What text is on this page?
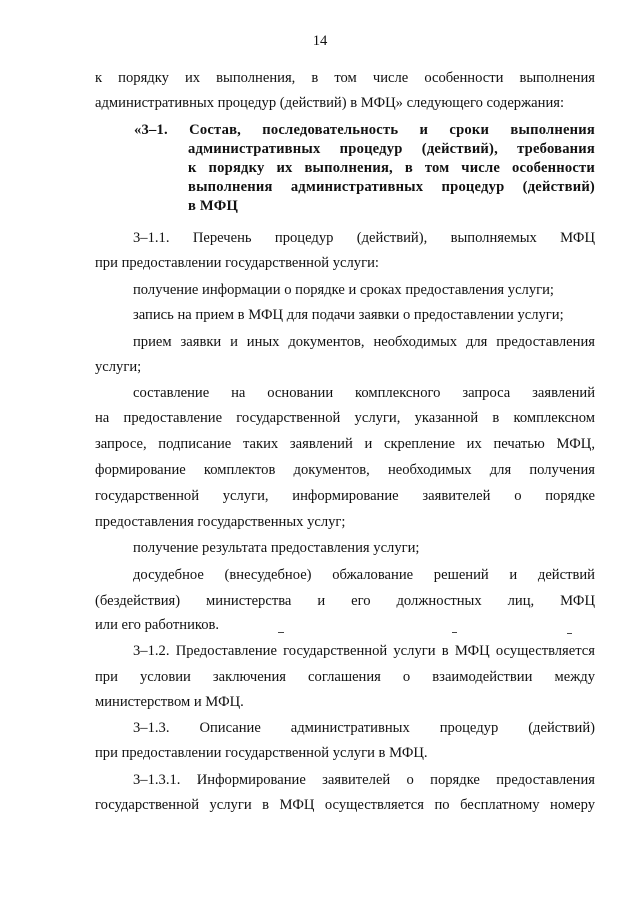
14
к порядку их выполнения, в том числе особенности выполнения
административных процедур (действий) в МФЦ» следующего содержания:
«3–1. Состав, последовательность и сроки выполнения
административных процедур (действий), требования
к порядку их выполнения, в том числе особенности
выполнения административных процедур (действий)
в МФЦ
3–1.1. Перечень процедур (действий), выполняемых МФЦ
при предоставлении государственной услуги:
получение информации о порядке и сроках предоставления услуги;
запись на прием в МФЦ для подачи заявки о предоставлении услуги;
прием заявки и иных документов, необходимых для предоставления
услуги;
составление на основании комплексного запроса заявлений
на предоставление государственной услуги, указанной в комплексном
запросе, подписание таких заявлений и скрепление их печатью МФЦ,
формирование комплектов документов, необходимых для получения
государственной услуги, информирование заявителей о порядке
предоставления государственных услуг;
получение результата предоставления услуги;
досудебное (внесудебное) обжалование решений и действий
(бездействия) министерства и его должностных лиц, МФЦ
или его работников.
3–1.2. Предоставление государственной услуги в МФЦ осуществляется
при условии заключения соглашения о взаимодействии между
министерством и МФЦ.
3–1.3. Описание административных процедур (действий)
при предоставлении государственной услуги в МФЦ.
3–1.3.1. Информирование заявителей о порядке предоставления
государственной услуги в МФЦ осуществляется по бесплатному номеру
